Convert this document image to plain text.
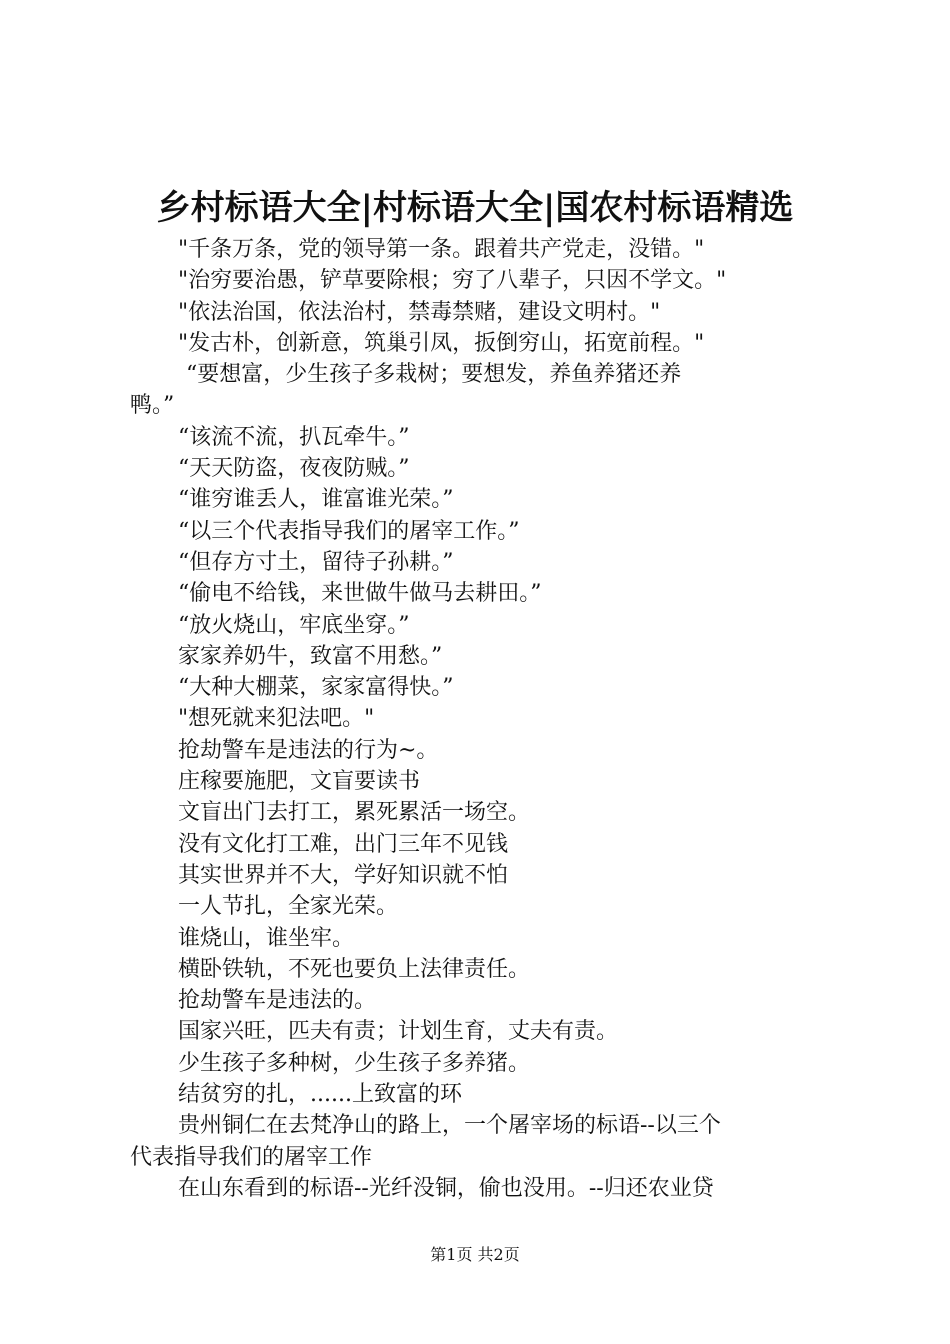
乡村标语大全|村标语大全|国农村标语精选
"千条万条，党的领导第一条。跟着共产党走，没错。"
"治穷要治愚，铲草要除根；穷了八辈子，只因不学文。"
"依法治国，依法治村，禁毒禁赌，建设文明村。"
"发古朴，创新意，筑巢引凤，扳倒穷山，拓宽前程。"
“要想富，少生孩子多栽树；要想发，养鱼养猪还养
鸭。”
“该流不流，扒瓦牵牛。”
“天天防盗，夜夜防贼。”
“谁穷谁丢人，谁富谁光荣。”
“以三个代表指导我们的屠宰工作。”
“但存方寸土，留待子孙耕。”
“偷电不给钱，来世做牛做马去耕田。”
“放火烧山，牢底坐穿。”
家家养奶牛，致富不用愁。”
“大种大棚菜，家家富得快。”
"想死就来犯法吧。"
抢劫警车是违法的行为~。
庄稼要施肥，文盲要读书
文盲出门去打工，累死累活一场空。
没有文化打工难，出门三年不见钱
其实世界并不大，学好知识就不怕
一人节扎，全家光荣。
谁烧山，谁坐牢。
横卧铁轨，不死也要负上法律责任。
抢劫警车是违法的。
国家兴旺，匹夫有责；计划生育，丈夫有责。
少生孩子多种树，少生孩子多养猪。
结贫穷的扎，......上致富的环
贵州铜仁在去梵净山的路上，一个屠宰场的标语--以三个
代表指导我们的屠宰工作
在山东看到的标语--光纤没铜，偷也没用。--归还农业贷
第1页 共2页
